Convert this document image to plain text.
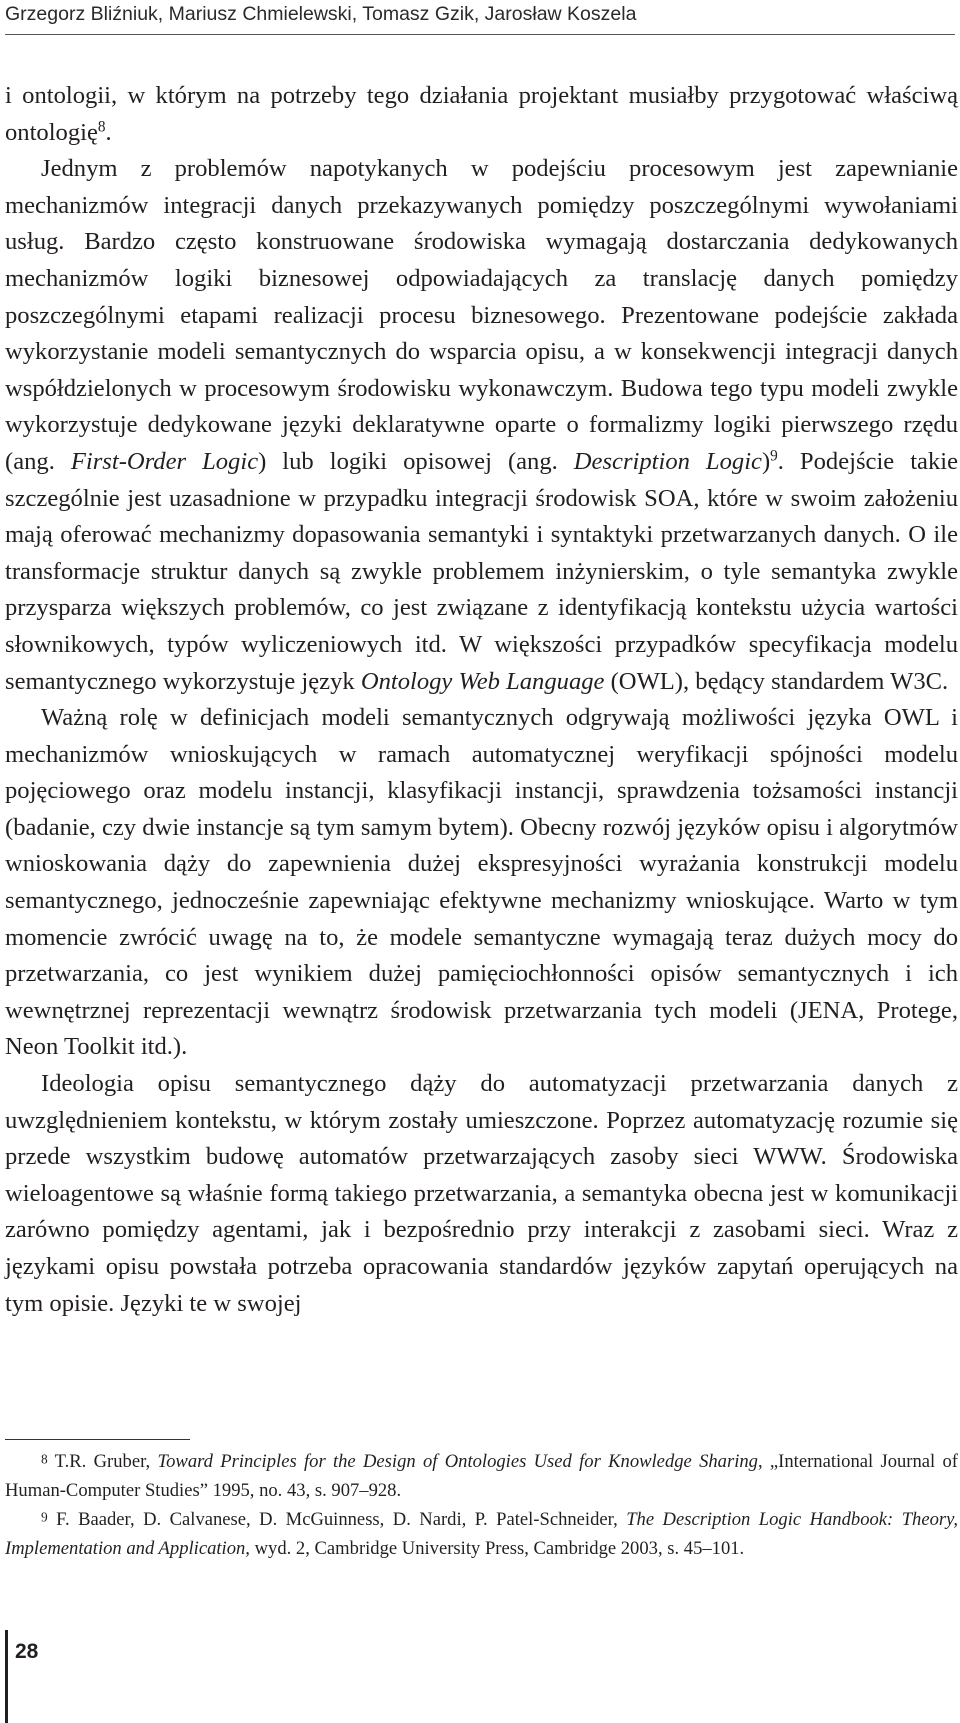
Grzegorz Bliźniuk, Mariusz Chmielewski, Tomasz Gzik, Jarosław Koszela

i ontologii, w którym na potrzeby tego działania projektant musiałby przygotować właściwą ontologię$^8$.

Jednym z problemów napotykanych w podejściu procesowym jest zapewnianie mechanizmów integracji danych przekazywanych pomiędzy poszczególnymi wywołaniami usług. Bardzo często konstruowane środowiska wymagają dostarczania dedykowanych mechanizmów logiki biznesowej odpowiadających za translację danych pomiędzy poszczególnymi etapami realizacji procesu biznesowego. Prezentowane podejście zakłada wykorzystanie modeli semantycznych do wsparcia opisu, a w konsekwencji integracji danych współdzielonych w procesowym środowisku wykonawczym. Budowa tego typu modeli zwykle wykorzystuje dedykowane języki deklaratywne oparte o formalizmy logiki pierwszego rzędu (ang. First-Order Logic) lub logiki opisowej (ang. Description Logic)$^9$. Podejście takie szczególnie jest uzasadnione w przypadku integracji środowisk SOA, które w swoim założeniu mają oferować mechanizmy dopasowania semantyki i syntaktyki przetwarzanych danych. O ile transformacje struktur danych są zwykle problemem inżynierskim, o tyle semantyka zwykle przysparza większych problemów, co jest związane z identyfikacją kontekstu użycia wartości słownikowych, typów wyliczeniowych itd. W większości przypadków specyfikacja modelu semantycznego wykorzystuje język Ontology Web Language (OWL), będący standardem W3C.

Ważną rolę w definicjach modeli semantycznych odgrywają możliwości języka OWL i mechanizmów wnioskujących w ramach automatycznej weryfikacji spójności modelu pojęciowego oraz modelu instancji, klasyfikacji instancji, sprawdzenia tożsamości instancji (badanie, czy dwie instancje są tym samym bytem). Obecny rozwój języków opisu i algorytmów wnioskowania dąży do zapewnienia dużej ekspresyjności wyrażania konstrukcji modelu semantycznego, jednocześnie zapewniając efektywne mechanizmy wnioskujące. Warto w tym momencie zwrócić uwagę na to, że modele semantyczne wymagają teraz dużych mocy do przetwarzania, co jest wynikiem dużej pamięciochłonności opisów semantycznych i ich wewnętrznej reprezentacji wewnątrz środowisk przetwarzania tych modeli (JENA, Protege, Neon Toolkit itd.).

Ideologia opisu semantycznego dąży do automatyzacji przetwarzania danych z uwzględnieniem kontekstu, w którym zostały umieszczone. Poprzez automatyzację rozumie się przede wszystkim budowę automatów przetwarzających zasoby sieci WWW. Środowiska wieloagentowe są właśnie formą takiego przetwarzania, a semantyka obecna jest w komunikacji zarówno pomiędzy agentami, jak i bezpośrednio przy interakcji z zasobami sieci. Wraz z językami opisu powstała potrzeba opracowania standardów języków zapytań operujących na tym opisie. Języki te w swojej

$^8$ T.R. Gruber, Toward Principles for the Design of Ontologies Used for Knowledge Sharing, „International Journal of Human-Computer Studies” 1995, no. 43, s. 907–928.

$^9$ F. Baader, D. Calvanese, D. McGuinness, D. Nardi, P. Patel-Schneider, The Description Logic Handbook: Theory, Implementation and Application, wyd. 2, Cambridge University Press, Cambridge 2003, s. 45–101.

28
